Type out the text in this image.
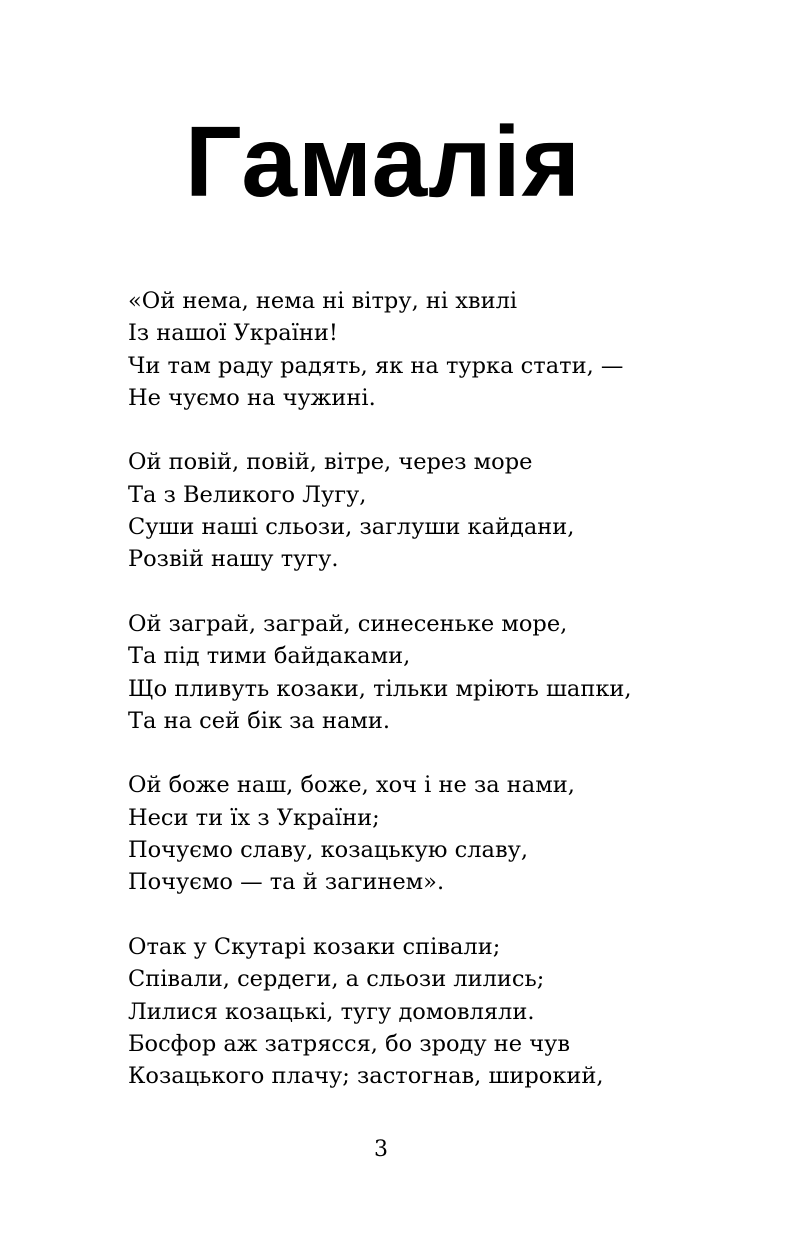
Гамалія
«Ой нема, нема ні вітру, ні хвилі
Із нашої України!
Чи там раду радять, як на турка стати, —
Не чуємо на чужині.
Ой повій, повій, вітре, через море
Та з Великого Лугу,
Суши наші сльози, заглуши кайдани,
Розвій нашу тугу.
Ой заграй, заграй, синесенькe море,
Та під тими байдаками,
Що пливуть козаки, тільки мріють шапки,
Та на сей бік за нами.
Ой боже наш, боже, хоч і не за нами,
Неси ти їх з України;
Почуємо славу, козацькую славу,
Почуємо — та й загинем».
Отак у Скутарі козаки співали;
Співали, сердеги, а сльози лились;
Лилися козацькі, тугу домовляли.
Босфор аж затрясся, бо зроду не чув
Козацького плачу; застогнав, широкий,
3
